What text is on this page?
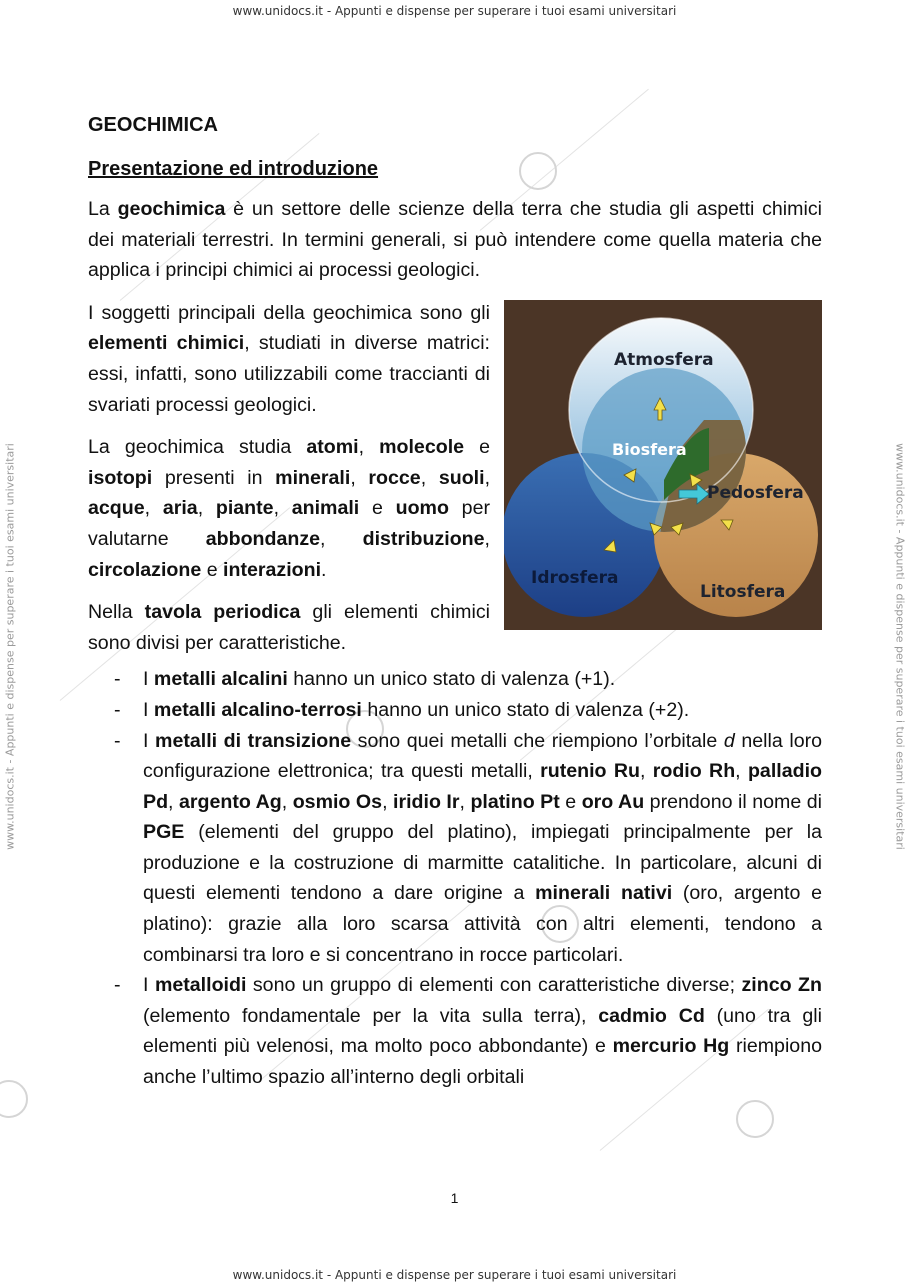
www.unidocs.it - Appunti e dispense per superare i tuoi esami universitari
www.unidocs.it - Appunti e dispense per superare i tuoi esami universitari
www.unidocs.it - Appunti e dispense per superare i tuoi esami universitari	www.unidocs.it - Appunti e dispense per superare i tuoi esami universitari
GEOCHIMICA
Presentazione ed introduzione

La geochimica è un settore delle scienze della terra che studia gli aspetti chimici dei materiali terrestri. In termini generali, si può intendere come quella materia che applica i principi chimici ai processi geologici.

Atmosfera
Biosfera
Pedosfera
Idrosfera
Litosfera

I soggetti principali della geochimica sono gli elementi chimici, studiati in diverse matrici: essi, infatti, sono utilizzabili come traccianti di svariati processi geologici.

La geochimica studia atomi, molecole e isotopi presenti in minerali, rocce, suoli, acque, aria, piante, animali e uomo per valutarne abbondanze, distribuzione, circolazione e interazioni.

Nella tavola periodica gli elementi chimici sono divisi per caratteristiche.

- I metalli alcalini hanno un unico stato di valenza (+1).
- I metalli alcalino-terrosi hanno un unico stato di valenza (+2).
- I metalli di transizione sono quei metalli che riempiono l’orbitale d nella loro configurazione elettronica; tra questi metalli, rutenio Ru, rodio Rh, palladio Pd, argento Ag, osmio Os, iridio Ir, platino Pt e oro Au prendono il nome di PGE (elementi del gruppo del platino), impiegati principalmente per la produzione e la costruzione di marmitte catalitiche. In particolare, alcuni di questi elementi tendono a dare origine a minerali nativi (oro, argento e platino): grazie alla loro scarsa attività con altri elementi, tendono a combinarsi tra loro e si concentrano in rocce particolari.
- I metalloidi sono un gruppo di elementi con caratteristiche diverse; zinco Zn (elemento fondamentale per la vita sulla terra), cadmio Cd (uno tra gli elementi più velenosi, ma molto poco abbondante) e mercurio Hg riempiono anche l’ultimo spazio all’interno degli orbitali
1
